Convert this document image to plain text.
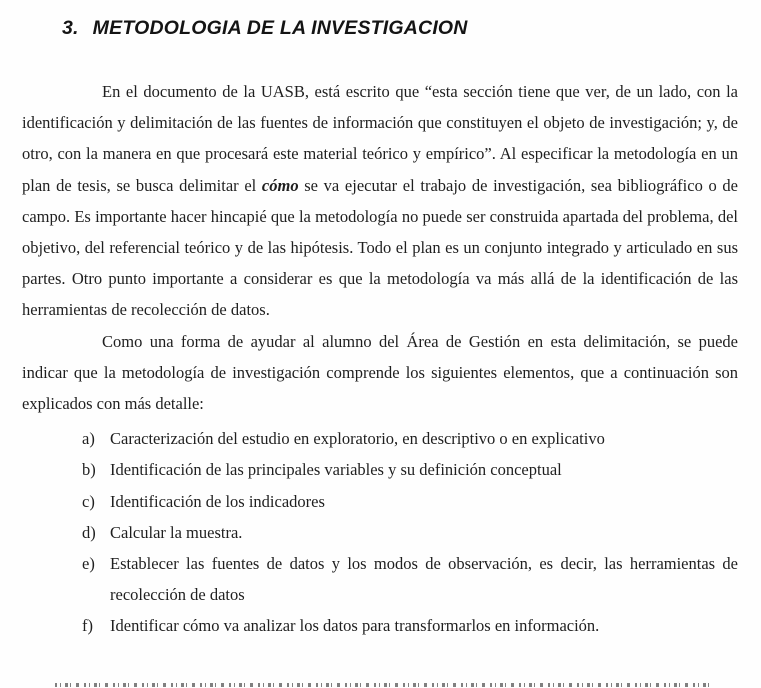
3. METODOLOGIA DE LA INVESTIGACION

En el documento de la UASB, está escrito que “esta sección tiene que ver, de un lado, con la identificación y delimitación de las fuentes de información que constituyen el objeto de investigación; y, de otro, con la manera en que procesará este material teórico y empírico”. Al especificar la metodología en un plan de tesis, se busca delimitar el cómo se va ejecutar el trabajo de investigación, sea bibliográfico o de campo. Es importante hacer hincapié que la metodología no puede ser construida apartada del problema, del objetivo, del referencial teórico y de las hipótesis. Todo el plan es un conjunto integrado y articulado en sus partes. Otro punto importante a considerar es que la metodología va más allá de la identificación de las herramientas de recolección de datos.

Como una forma de ayudar al alumno del Área de Gestión en esta delimitación, se puede indicar que la metodología de investigación comprende los siguientes elementos, que a continuación son explicados con más detalle:

a) Caracterización del estudio en exploratorio, en descriptivo o en explicativo
b) Identificación de las principales variables y su definición conceptual
c) Identificación de los indicadores
d) Calcular la muestra.
e) Establecer las fuentes de datos y los modos de observación, es decir, las herramientas de recolección de datos
f) Identificar cómo va analizar los datos para transformarlos en información.
